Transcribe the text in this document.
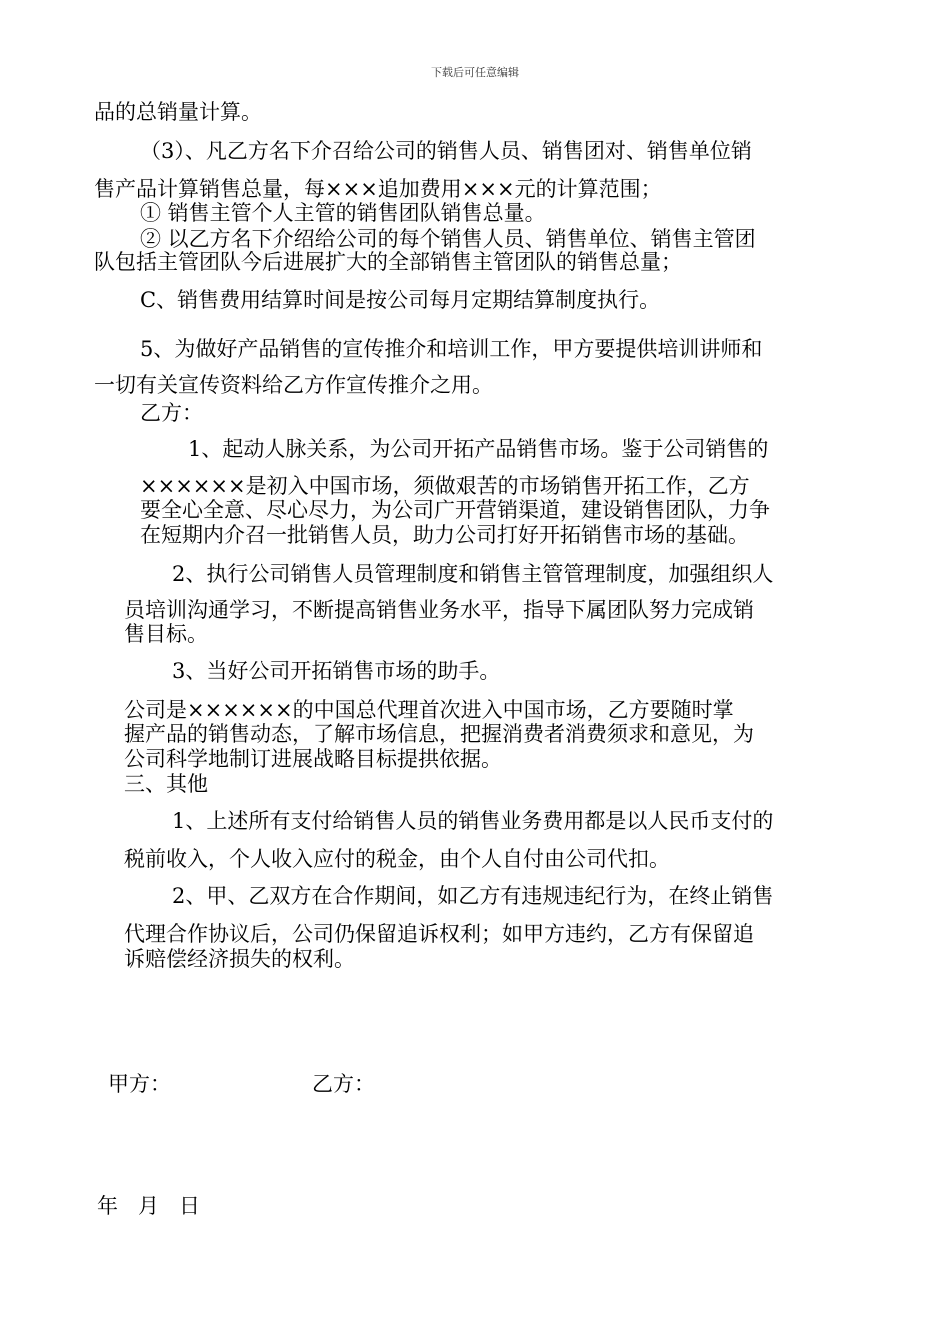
下载后可任意编辑
品的总销量计算。
（3）、凡乙方名下介召给公司的销售人员、销售团对、销售单位销
售产品计算销售总量，每×××追加费用×××元的计算范围；
① 销售主管个人主管的销售团队销售总量。
② 以乙方名下介绍给公司的每个销售人员、销售单位、销售主管团
队包括主管团队今后进展扩大的全部销售主管团队的销售总量；
C、销售费用结算时间是按公司每月定期结算制度执行。
5、为做好产品销售的宣传推介和培训工作，甲方要提供培训讲师和
一切有关宣传资料给乙方作宣传推介之用。
乙方：
1、起动人脉关系，为公司开拓产品销售市场。鉴于公司销售的
××××××是初入中国市场，须做艰苦的市场销售开拓工作，乙方
要全心全意、尽心尽力，为公司广开营销渠道，建设销售团队，力争
在短期内介召一批销售人员，助力公司打好开拓销售市场的基础。
2、执行公司销售人员管理制度和销售主管管理制度，加强组织人
员培训沟通学习，不断提高销售业务水平，指导下属团队努力完成销
售目标。
3、当好公司开拓销售市场的助手。
公司是××××××的中国总代理首次进入中国市场，乙方要随时掌
握产品的销售动态，了解市场信息，把握消费者消费须求和意见，为
公司科学地制订进展战略目标提拱依据。
三、其他
1、上述所有支付给销售人员的销售业务费用都是以人民币支付的
税前收入，个人收入应付的税金，由个人自付由公司代扣。
2、甲、乙双方在合作期间，如乙方有违规违纪行为，在终止销售
代理合作协议后，公司仍保留追诉权利；如甲方违约，乙方有保留追
诉赔偿经济损失的权利。
甲方：	乙方：
年   月   日
